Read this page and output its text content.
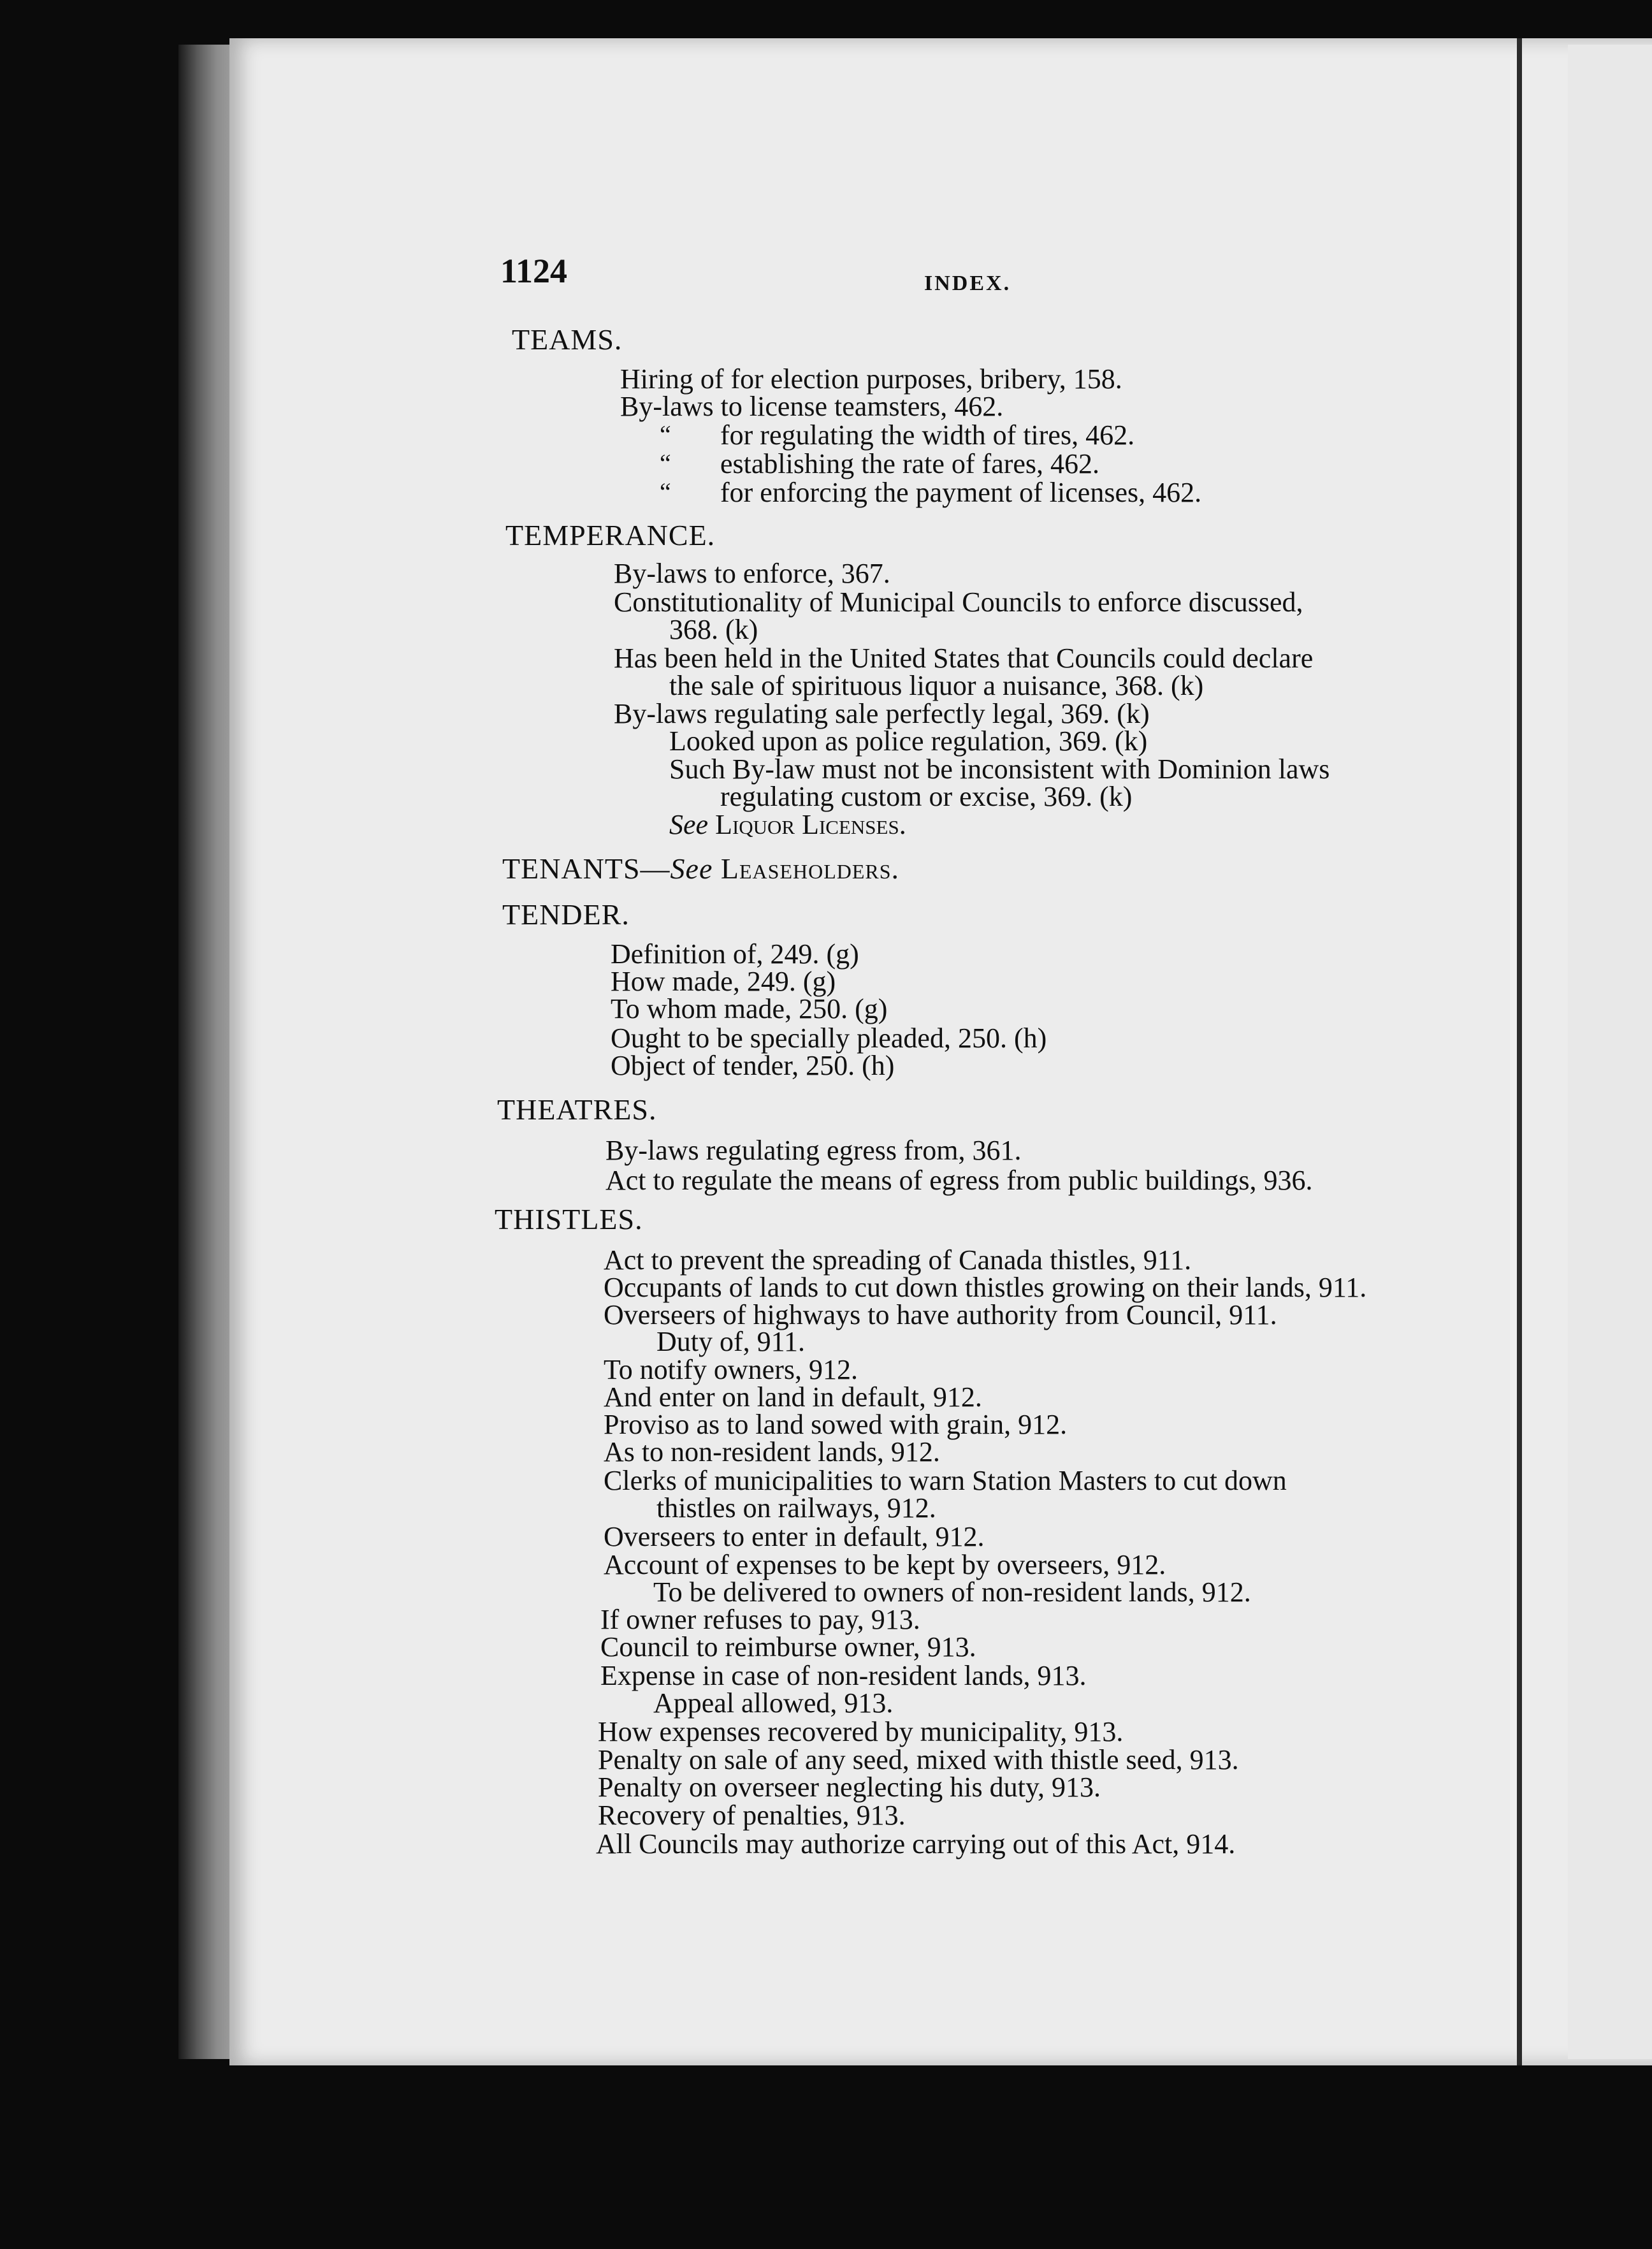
1124	INDEX.
TEAMS.
Hiring of for election purposes, bribery, 158.
By-laws to license teamsters, 462.
“ for regulating the width of tires, 462.
“ establishing the rate of fares, 462.
“ for enforcing the payment of licenses, 462.
TEMPERANCE.
By-laws to enforce, 367.
Constitutionality of Municipal Councils to enforce discussed,
368. (k)
Has been held in the United States that Councils could declare
the sale of spirituous liquor a nuisance, 368. (k)
By-laws regulating sale perfectly legal, 369. (k)
Looked upon as police regulation, 369. (k)
Such By-law must not be inconsistent with Dominion laws
regulating custom or excise, 369. (k)
See Liquor Licenses.
TENANTS—See Leaseholders.
TENDER.
Definition of, 249. (g)
How made, 249. (g)
To whom made, 250. (g)
Ought to be specially pleaded, 250. (h)
Object of tender, 250. (h)
THEATRES.
By-laws regulating egress from, 361.
Act to regulate the means of egress from public buildings, 936.
THISTLES.
Act to prevent the spreading of Canada thistles, 911.
Occupants of lands to cut down thistles growing on their lands, 911.
Overseers of highways to have authority from Council, 911.
Duty of, 911.
To notify owners, 912.
And enter on land in default, 912.
Proviso as to land sowed with grain, 912.
As to non-resident lands, 912.
Clerks of municipalities to warn Station Masters to cut down
thistles on railways, 912.
Overseers to enter in default, 912.
Account of expenses to be kept by overseers, 912.
To be delivered to owners of non-resident lands, 912.
If owner refuses to pay, 913.
Council to reimburse owner, 913.
Expense in case of non-resident lands, 913.
Appeal allowed, 913.
How expenses recovered by municipality, 913.
Penalty on sale of any seed, mixed with thistle seed, 913.
Penalty on overseer neglecting his duty, 913.
Recovery of penalties, 913.
All Councils may authorize carrying out of this Act, 914.
